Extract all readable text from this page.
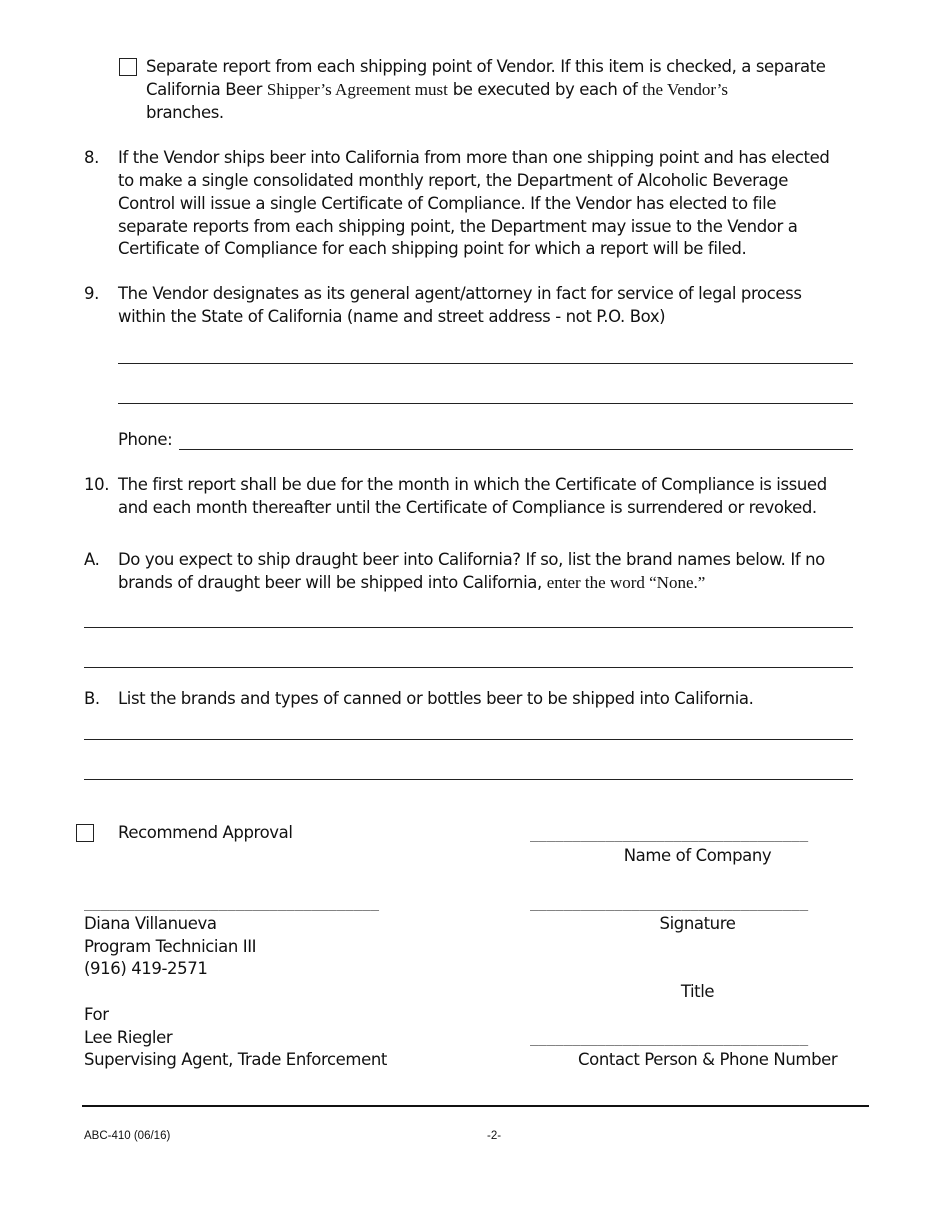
Separate report from each shipping point of Vendor. If this item is checked, a separate
California Beer Shipper’s Agreement must be executed by each of the Vendor’s
branches.
8. If the Vendor ships beer into California from more than one shipping point and has elected
to make a single consolidated monthly report, the Department of Alcoholic Beverage
Control will issue a single Certificate of Compliance. If the Vendor has elected to file
separate reports from each shipping point, the Department may issue to the Vendor a
Certificate of Compliance for each shipping point for which a report will be filed.
9. The Vendor designates as its general agent/attorney in fact for service of legal process
within the State of California (name and street address - not P.O. Box)
Phone:
10. The first report shall be due for the month in which the Certificate of Compliance is issued
and each month thereafter until the Certificate of Compliance is surrendered or revoked.
A. Do you expect to ship draught beer into California? If so, list the brand names below. If no
brands of draught beer will be shipped into California, enter the word “None.”
B. List the brands and types of canned or bottles beer to be shipped into California.
Recommend Approval	_________________________________
Name of Company
_________________________________
Signature
Title
_________________________________
Contact Person & Phone Number
___________________________________
Diana Villanueva
Program Technician III
(916) 419-2571
For
Lee Riegler
Supervising Agent, Trade Enforcement
ABC-410 (06/16)	-2-
